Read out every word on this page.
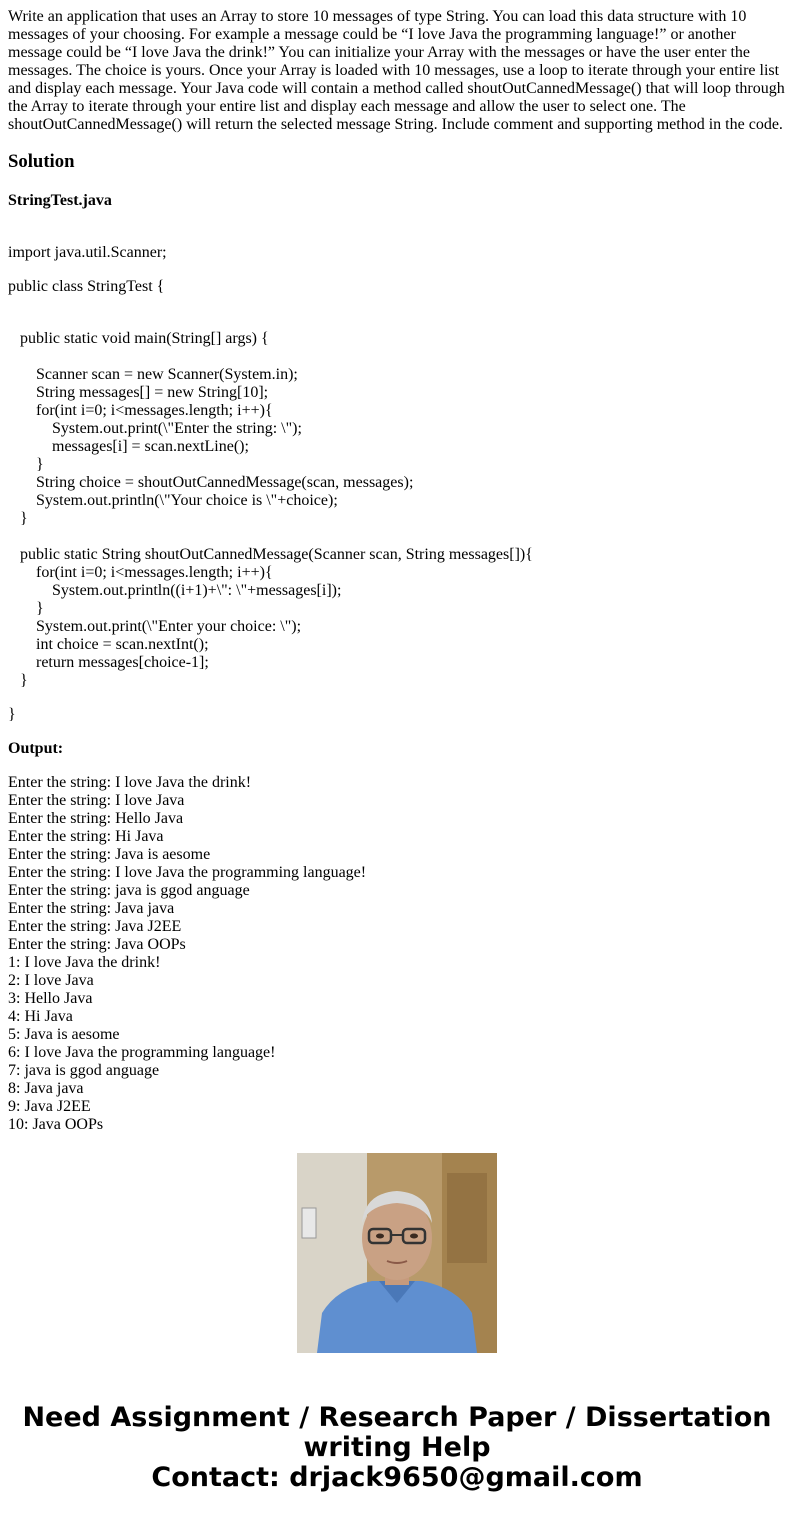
Write an application that uses an Array to store 10 messages of type String. You can load this data structure with 10 messages of your choosing. For example a message could be “I love Java the programming language!” or another message could be “I love Java the drink!” You can initialize your Array with the messages or have the user enter the messages. The choice is yours. Once your Array is loaded with 10 messages, use a loop to iterate through your entire list and display each message. Your Java code will contain a method called shoutOutCannedMessage() that will loop through the Array to iterate through your entire list and display each message and allow the user to select one. The shoutOutCannedMessage() will return the selected message String. Include comment and supporting method in the code.

Solution
StringTest.java

import java.util.Scanner;

public class StringTest {

public static void main(String[] args) {

Scanner scan = new Scanner(System.in);

String messages[] = new String[10];

for(int i=0; i<messages.length; i++){

System.out.print(\"Enter the string: \");

messages[i] = scan.nextLine();

}

String choice = shoutOutCannedMessage(scan, messages);

System.out.println(\"Your choice is \"+choice);

}

public static String shoutOutCannedMessage(Scanner scan, String messages[]){

for(int i=0; i<messages.length; i++){

System.out.println((i+1)+\": \"+messages[i]);

}

System.out.print(\"Enter your choice: \");

int choice = scan.nextInt();

return messages[choice-1];

}

}

Output:

Enter the string: I love Java the drink!
Enter the string: I love Java
Enter the string: Hello Java
Enter the string: Hi Java
Enter the string: Java is aesome
Enter the string: I love Java the programming language!
Enter the string: java is ggod anguage
Enter the string: Java java
Enter the string: Java J2EE
Enter the string: Java OOPs
1: I love Java the drink!
2: I love Java
3: Hello Java
4: Hi Java
5: Java is aesome
6: I love Java the programming language!
7: java is ggod anguage
8: Java java
9: Java J2EE
10: Java OOPs
Need Assignment / Research Paper / Dissertation
writing Help
Contact: drjack9650@gmail.com
